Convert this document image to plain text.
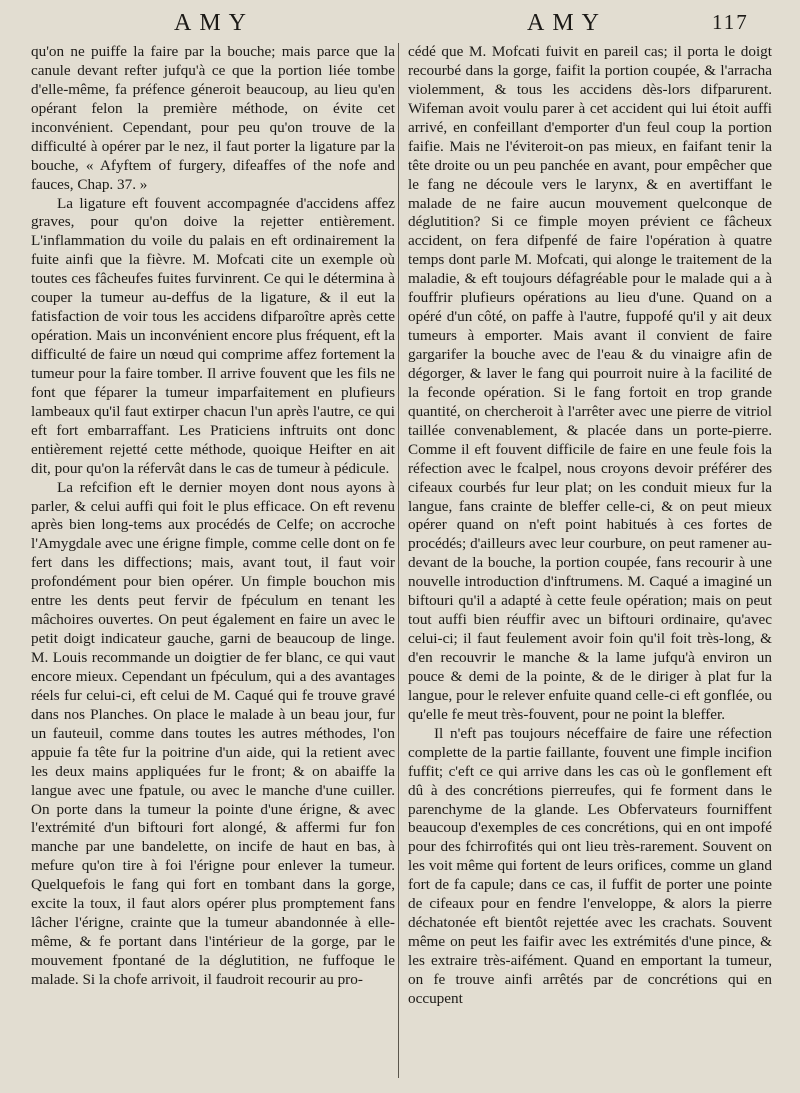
AMY	AMY	117

qu'on ne puiffe la faire par la bouche; mais parce que la canule devant refter jufqu'à ce que la portion liée tombe d'elle-même, fa préfence géneroit beaucoup, au lieu qu'en opérant felon la première méthode, on évite cet inconvénient. Cependant, pour peu qu'on trouve de la difficulté à opérer par le nez, il faut porter la ligature par la bouche, « Afyftem of furgery, difeaffes of the nofe and fauces, Chap. 37. »

La ligature eft fouvent accompagnée d'accidens affez graves, pour qu'on doive la rejetter entièrement. L'inflammation du voile du palais en eft ordinairement la fuite ainfi que la fièvre. M. Mofcati cite un exemple où toutes ces fâcheufes fuites furvinrent. Ce qui le détermina à couper la tumeur au-deffus de la ligature, & il eut la fatisfaction de voir tous les accidens difparoître après cette opération. Mais un inconvénient encore plus fréquent, eft la difficulté de faire un nœud qui comprime affez fortement la tumeur pour la faire tomber. Il arrive fouvent que les fils ne font que féparer la tumeur imparfaitement en plufieurs lambeaux qu'il faut extirper chacun l'un après l'autre, ce qui eft fort embarraffant. Les Praticiens inftruits ont donc entièrement rejetté cette méthode, quoique Heifter en ait dit, pour qu'on la réfervât dans le cas de tumeur à pédicule.

La refcifion eft le dernier moyen dont nous ayons à parler, & celui auffi qui foit le plus efficace. On eft revenu après bien long-tems aux procédés de Celfe; on accroche l'Amygdale avec une érigne fimple, comme celle dont on fe fert dans les diffections; mais, avant tout, il faut voir profondément pour bien opérer. Un fimple bouchon mis entre les dents peut fervir de fpéculum en tenant les mâchoires ouvertes. On peut également en faire un avec le petit doigt indicateur gauche, garni de beaucoup de linge. M. Louis recommande un doigtier de fer blanc, ce qui vaut encore mieux. Cependant un fpéculum, qui a des avantages réels fur celui-ci, eft celui de M. Caqué qui fe trouve gravé dans nos Planches. On place le malade à un beau jour, fur un fauteuil, comme dans toutes les autres méthodes, l'on appuie fa tête fur la poitrine d'un aide, qui la retient avec les deux mains appliquées fur le front; & on abaiffe la langue avec une fpatule, ou avec le manche d'une cuiller. On porte dans la tumeur la pointe d'une érigne, & avec l'extrémité d'un biftouri fort alongé, & affermi fur fon manche par une bandelette, on incife de haut en bas, à mefure qu'on tire à foi l'érigne pour enlever la tumeur. Quelquefois le fang qui fort en tombant dans la gorge, excite la toux, il faut alors opérer plus promptement fans lâcher l'érigne, crainte que la tumeur abandonnée à elle-même, & fe portant dans l'intérieur de la gorge, par le mouvement fpontané de la déglutition, ne fuffoque le malade. Si la chofe arrivoit, il faudroit recourir au pro-

cédé que M. Mofcati fuivit en pareil cas; il porta le doigt recourbé dans la gorge, faifit la portion coupée, & l'arracha violemment, & tous les accidens dès-lors difparurent. Wifeman avoit voulu parer à cet accident qui lui étoit auffi arrivé, en confeillant d'emporter d'un feul coup la portion faifie. Mais ne l'éviteroit-on pas mieux, en faifant tenir la tête droite ou un peu panchée en avant, pour empêcher que le fang ne découle vers le larynx, & en avertiffant le malade de ne faire aucun mouvement quelconque de déglutition? Si ce fimple moyen prévient ce fâcheux accident, on fera difpenfé de faire l'opération à quatre temps dont parle M. Mofcati, qui alonge le traitement de la maladie, & eft toujours défagréable pour le malade qui a à fouffrir plufieurs opérations au lieu d'une. Quand on a opéré d'un côté, on paffe à l'autre, fuppofé qu'il y ait deux tumeurs à emporter. Mais avant il convient de faire gargarifer la bouche avec de l'eau & du vinaigre afin de dégorger, & laver le fang qui pourroit nuire à la facilité de la feconde opération. Si le fang fortoit en trop grande quantité, on chercheroit à l'arrêter avec une pierre de vitriol taillée convenablement, & placée dans un porte-pierre. Comme il eft fouvent difficile de faire en une feule fois la réfection avec le fcalpel, nous croyons devoir préférer des cifeaux courbés fur leur plat; on les conduit mieux fur la langue, fans crainte de bleffer celle-ci, & on peut mieux opérer quand on n'eft point habitués à ces fortes de procédés; d'ailleurs avec leur courbure, on peut ramener au-devant de la bouche, la portion coupée, fans recourir à une nouvelle introduction d'inftrumens. M. Caqué a imaginé un biftouri qu'il a adapté à cette feule opération; mais on peut tout auffi bien réuffir avec un biftouri ordinaire, qu'avec celui-ci; il faut feulement avoir foin qu'il foit très-long, & d'en recouvrir le manche & la lame jufqu'à environ un pouce & demi de la pointe, & de le diriger à plat fur la langue, pour le relever enfuite quand celle-ci eft gonflée, ou qu'elle fe meut très-fouvent, pour ne point la bleffer.

Il n'eft pas toujours néceffaire de faire une réfection complette de la partie faillante, fouvent une fimple incifion fuffit; c'eft ce qui arrive dans les cas où le gonflement eft dû à des concrétions pierreufes, qui fe forment dans le parenchyme de la glande. Les Obfervateurs fourniffent beaucoup d'exemples de ces concrétions, qui en ont impofé pour des fchirrofités qui ont lieu très-rarement. Souvent on les voit même qui fortent de leurs orifices, comme un gland fort de fa capule; dans ce cas, il fuffit de porter une pointe de cifeaux pour en fendre l'enveloppe, & alors la pierre déchatonée eft bientôt rejettée avec les crachats. Souvent même on peut les faifir avec les extrémités d'une pince, & les extraire très-aifément. Quand en emportant la tumeur, on fe trouve ainfi arrêtés par de concrétions qui en occupent
